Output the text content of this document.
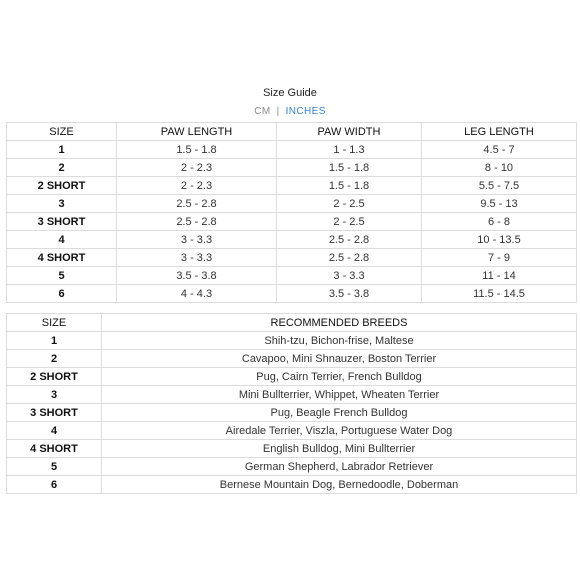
Size Guide
CM | INCHES
SIZE	PAW LENGTH	PAW WIDTH	LEG LENGTH
1	1.5 - 1.8	1 - 1.3	4.5 - 7
2	2 - 2.3	1.5 - 1.8	8 - 10
2 SHORT	2 - 2.3	1.5 - 1.8	5.5 - 7.5
3	2.5 - 2.8	2 - 2.5	9.5 - 13
3 SHORT	2.5 - 2.8	2 - 2.5	6 - 8
4	3 - 3.3	2.5 - 2.8	10 - 13.5
4 SHORT	3 - 3.3	2.5 - 2.8	7 - 9
5	3.5 - 3.8	3 - 3.3	11 - 14
6	4 - 4.3	3.5 - 3.8	11.5 - 14.5
SIZE	RECOMMENDED BREEDS
1	Shih-tzu, Bichon-frise, Maltese
2	Cavapoo, Mini Shnauzer, Boston Terrier
2 SHORT	Pug, Cairn Terrier, French Bulldog
3	Mini Bullterrier, Whippet, Wheaten Terrier
3 SHORT	Pug, Beagle French Bulldog
4	Airedale Terrier, Viszla, Portuguese Water Dog
4 SHORT	English Bulldog, Mini Bullterrier
5	German Shepherd, Labrador Retriever
6	Bernese Mountain Dog, Bernedoodle, Doberman
